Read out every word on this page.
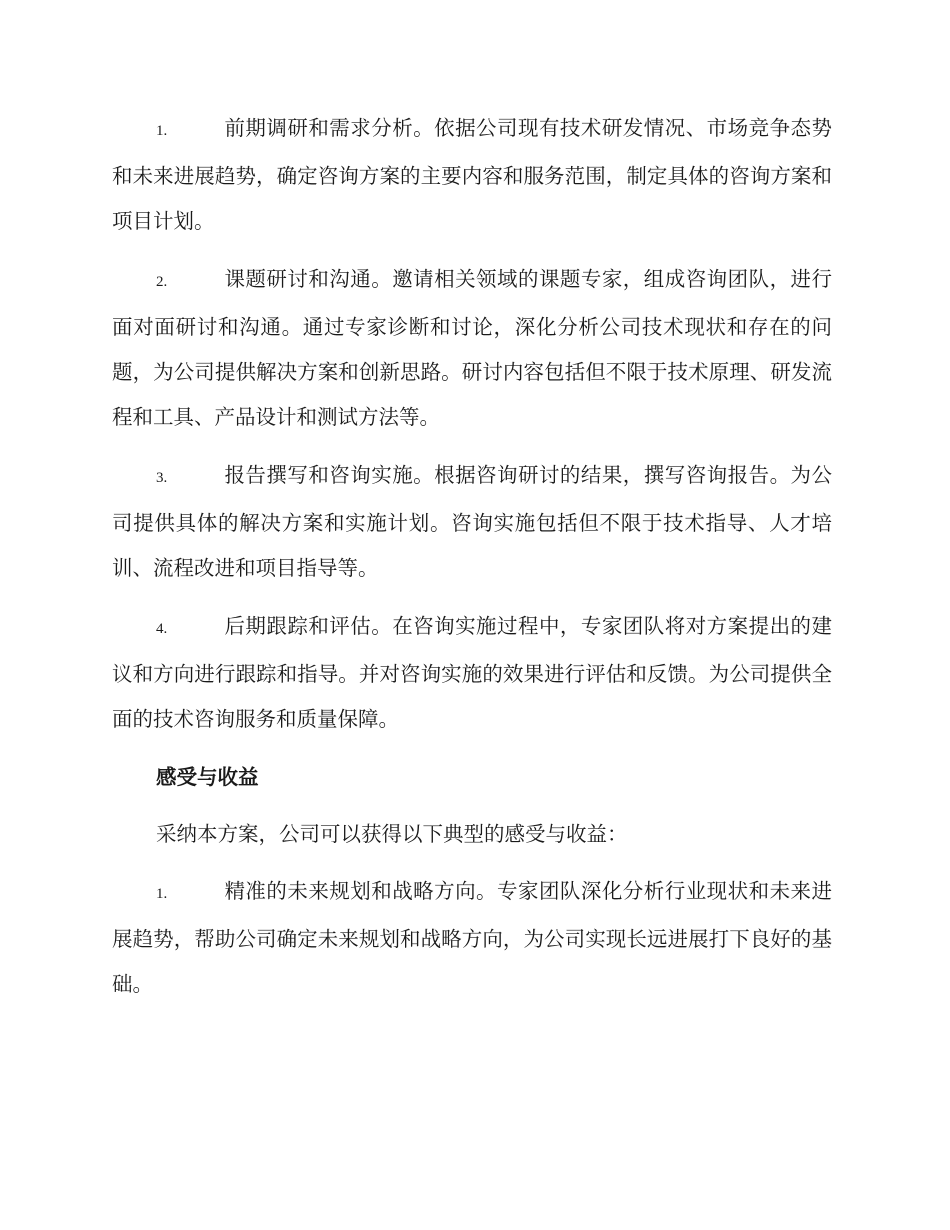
1.	前期调研和需求分析。依据公司现有技术研发情况、市场竞争态势和未来进展趋势，确定咨询方案的主要内容和服务范围，制定具体的咨询方案和项目计划。
2.	课题研讨和沟通。邀请相关领域的课题专家，组成咨询团队，进行面对面研讨和沟通。通过专家诊断和讨论，深化分析公司技术现状和存在的问题，为公司提供解决方案和创新思路。研讨内容包括但不限于技术原理、研发流程和工具、产品设计和测试方法等。
3.	报告撰写和咨询实施。根据咨询研讨的结果，撰写咨询报告。为公司提供具体的解决方案和实施计划。咨询实施包括但不限于技术指导、人才培训、流程改进和项目指导等。
4.	后期跟踪和评估。在咨询实施过程中，专家团队将对方案提出的建议和方向进行跟踪和指导。并对咨询实施的效果进行评估和反馈。为公司提供全面的技术咨询服务和质量保障。
感受与收益
采纳本方案，公司可以获得以下典型的感受与收益：
1.	精准的未来规划和战略方向。专家团队深化分析行业现状和未来进展趋势，帮助公司确定未来规划和战略方向，为公司实现长远进展打下良好的基础。
